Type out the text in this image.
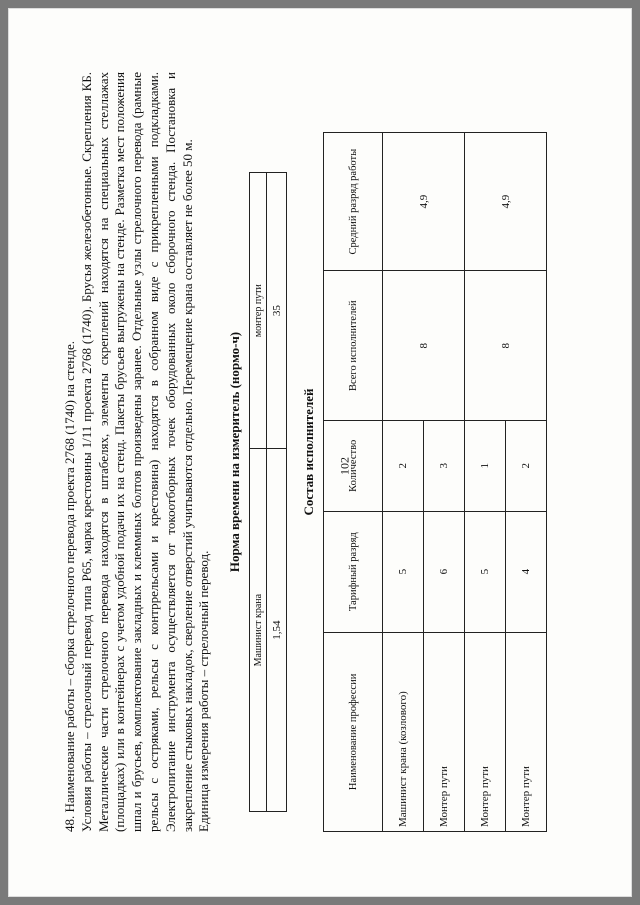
102

48. Наименование работы – сборка стрелочного перевода проекта 2768 (1740) на стенде. Условия работы – стрелочный перевод типа Р65, марка крестовины 1/11 проекта 2768 (1740). Брусья железобетонные. Скрепления КБ. Металлические части стрелочного перевода находятся в штабелях, элементы скреплений находятся на специальных стеллажах (площадках) или в контейнерах с учетом удобной подачи их на стенд. Пакеты брусьев выгружены на стенде. Разметка мест положения шпал и брусьев, комплектование закладных и клеммных болтов произведены заранее. Отдельные узлы стрелочного перевода (рамные рельсы с остряками, рельсы с контррельсами и крестовина) находятся в собранном виде с прикрепленными подкладками. Электропитание инструмента осуществляется от токоотборных точек оборудованных около сборочного стенда. Постановка и закрепление стыковых накладок, сверление отверстий учитываются отдельно. Перемещение крана составляет не более 50 м. Единица измерения работы – стрелочный перевод.

Норма времени на измеритель (нормо-ч)
Машинист крана	монтер пути
1,54	35
Состав исполнителей
Наименование профессии	Тарифный разряд	Количество	Всего исполнителей	Средний разряд работы
Машинист крана (козлового)	5	2	8	4,9
Монтер пути	6	3		
Монтер пути	5	1	8	4,9
Монтер пути	4	2		
